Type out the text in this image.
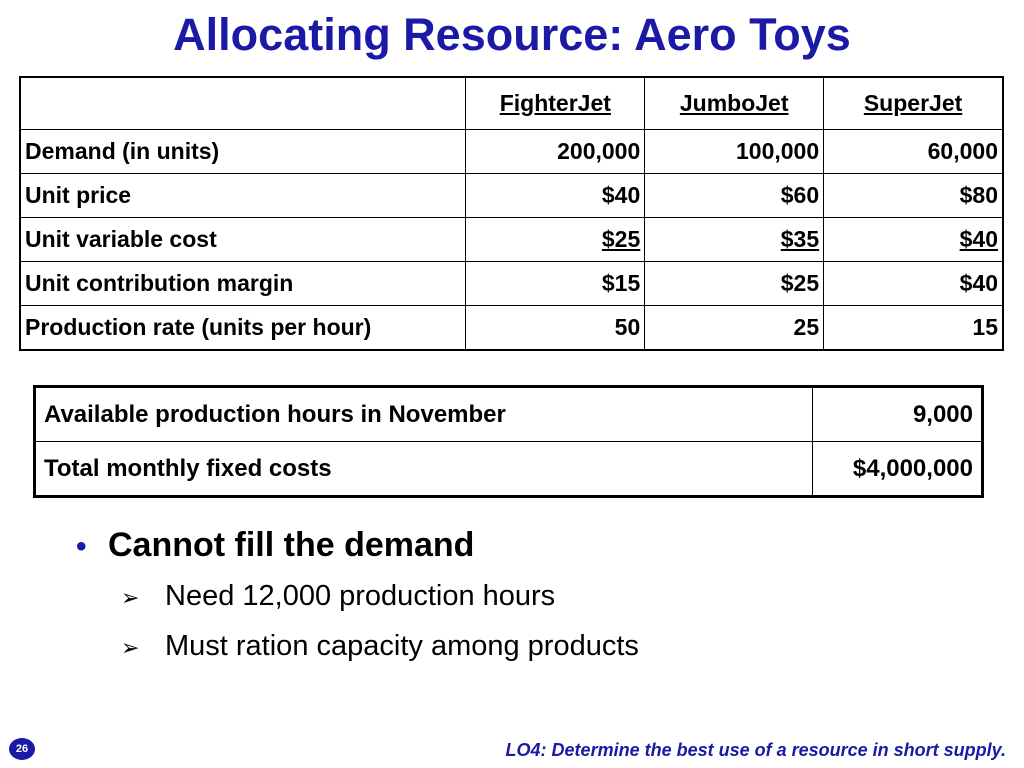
Allocating Resource: Aero Toys
	FighterJet	JumboJet	SuperJet
Demand (in units)	200,000	100,000	60,000
Unit price	$40	$60	$80
Unit variable cost	$25	$35	$40
Unit contribution margin	$15	$25	$40
Production rate (units per hour)	50	25	15
Available production hours in November	9,000
Total monthly fixed costs	$4,000,000
• Cannot fill the demand
➢ Need 12,000 production hours
➢ Must ration capacity among products
26	LO4: Determine the best use of a resource in short supply.
